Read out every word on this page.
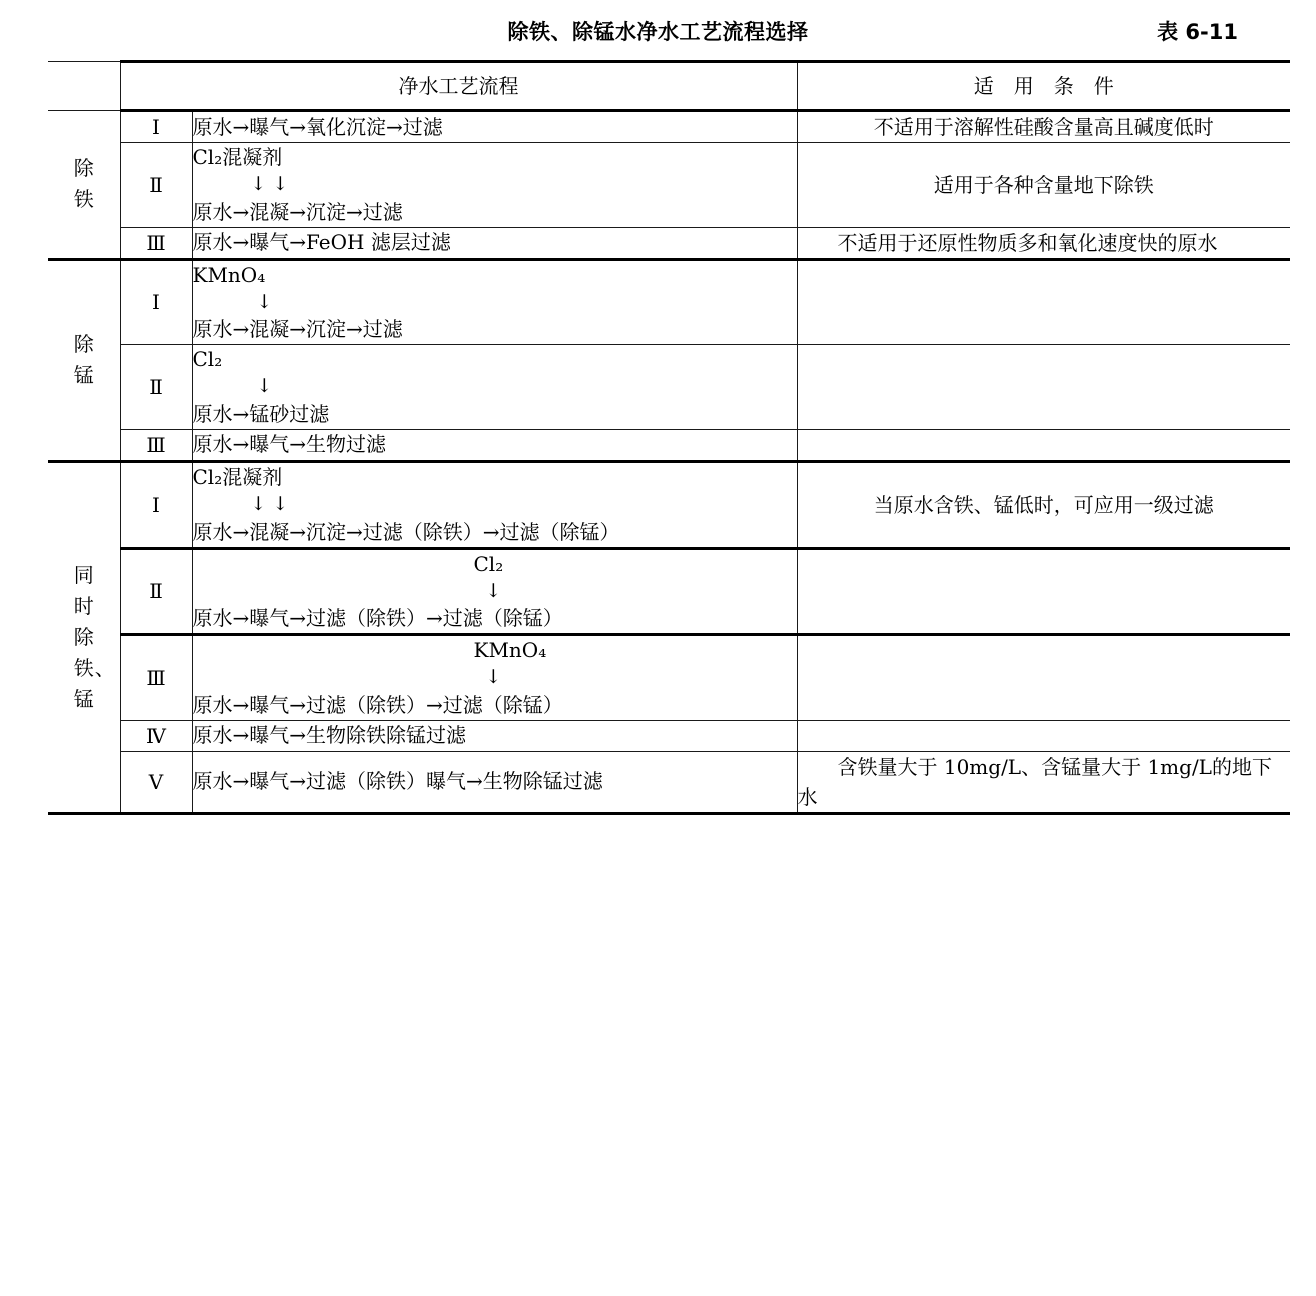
除铁、除锰水净水工艺流程选择	表 6-11
	净水工艺流程		适　用　条　件
除铁	Ⅰ	原水→曝气→氧化沉淀→过滤	不适用于溶解性硅酸含量高且碱度低时
	Ⅱ	Cl₂混凝剂
↓ ↓
原水→混凝→沉淀→过滤	适用于各种含量地下除铁
	Ⅲ	原水→曝气→FeOH 滤层过滤	不适用于还原性物质多和氧化速度快的原水
除锰	Ⅰ	KMnO₄
↓
原水→混凝→沉淀→过滤	

	Ⅱ	Cl₂
↓
原水→锰砂过滤	

	Ⅲ	原水→曝气→生物过滤	

同时除铁、锰	Ⅰ	Cl₂混凝剂
↓ ↓
原水→混凝→沉淀→过滤（除铁）→过滤（除锰）	当原水含铁、锰低时，可应用一级过滤
	Ⅱ	Cl₂
↓
原水→曝气→过滤（除铁）→过滤（除锰）	

	Ⅲ	KMnO₄
↓
原水→曝气→过滤（除铁）→过滤（除锰）	

	Ⅳ	原水→曝气→生物除铁除锰过滤	

	Ⅴ	原水→曝气→过滤（除铁）曝气→生物除锰过滤	含铁量大于 10mg/L、含锰量大于 1mg/L的地下水
